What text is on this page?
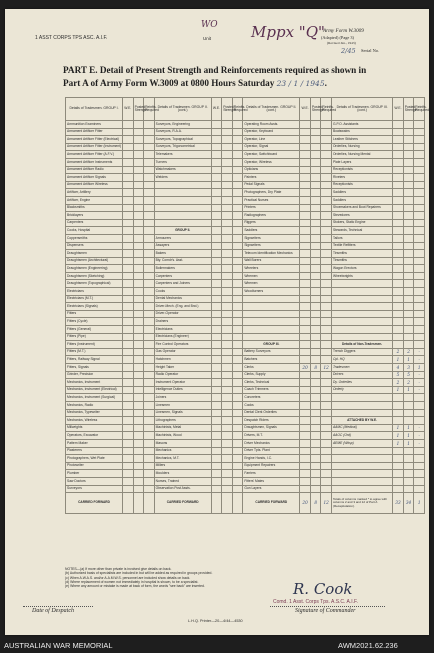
1 ASST CORPS TPS ASC. A.I.F.	Unit
WO Mppx "Q"
Army Form W.3009
(Adapted) (Page 3)
(Revised Jan., 1943)
2/45 Serial No.
PART E. Detail of Present Strength and Reinforcements required as shown in
Part A of Army Form W.3009 at 0800 Hours Saturday 23 / 1 / 1945.
Details of Tradesmen. GROUP I.	W.E.	Posted Strength	Reinfts. Required	Details of Tradesmen. GROUP II. (cont.)	W.E.	Posted Strength	Reinfts. Required	Details of Tradesmen. GROUP II. (cont.)	W.E.	Posted Strength	Reinfts. Required	Details of Tradesmen. GROUP III. (cont.)	W.E.	Posted Strength	Reinfts. Required
Ammunition Examiners				Surveyors, Engineering				Operating Room Assts.				G.P.O. Assistants			
Armament Artificer Fitter				Surveyors, R.A.A.				Operator, Keyboard				Boatswains			
Armament Artificer Fitter (Electrical)				Surveyors, Topographical				Operator, Line				Leather Stitchers			
Armament Artificer Fitter (Instrument)				Surveyors, Trigonometrical				Operator, Signal				Orderlies, Nursing			
Armament Artificer Fitter (A.F.V.)				Telemakers				Operator, Switchboard				Orderlies, Nursing Mental			
Armament Artificer Instruments				Turners				Operator, Wireless				Plate Layers			
Armament Artificer Radio				Watchmakers				Opticians				Receptionists			
Armament Artificer Signals				Welders				Painters				Riveters			
Armament Artificer Wireless								Pedal Signals				Receptionists			
Artificer, Artillery								Photographers, Dry Plate				Saddlers			
Artificer, Engine								Practical Nurses				Saddlers			
Blacksmiths								Printers				Shoemakers and Boot Repairers			
Bricklayers								Radiographers				Stevedores			
Carpenters								Riggers				Stokers, Static Engine			
Cooks, Hospital				GROUP II.				Saddlers				Stewards, Technical			
Coppersmiths				Armourers				Signwriters				Tailors			
Dispensers				Assayers				Signwriters				Textile Refitters			
Draughtsmen				Bakers				Telecom Identification Mechanics				Tinsmiths			
Draughtsmen (Architectural)				Bty. Comdr's. Asst.				Wall Borers				Tinsmiths			
Draughtsmen (Engineering)				Boilermakers				Wheelers				Wagon Erectors			
Draughtsmen (Sketching)				Carpenters				Wiremen				Wheelwrights			
Draughtsmen (Topographical)				Carpenters and Joiners				Wiremen							
Electricians				Cooks				Woodturners							
Electricians (M.T.)				Dental Mechanics											
Electricians (Signals)				Driver-Mech. (Eng. and Bnd.)											
Fitters				Driver-Operator											
Fitters (Cycle)				Drainers											
Fitters (General)				Electricians											
Fitters (Pipe)				Electricians (Engineer)											
Fitters (Instrument)				Fire Control Operators				GROUP III.				Details of Non-Tradesmen.			
Fitters (M.T.)				Gas Operator				Battery Surveyors				Trench Diggers	2	2	-
Fitters, Railway Signal				Hatchmen				Batchers				Cpl. HQ	1	1	-
Fitters, Signals				Height Taker				Clerks	20	8	12	Tradesmen	4	3	1
Grinder, Precision				Radio Operator				Clerks, Supply				Drivers	5	5	-
Mechanics, Instrument				Instrument Operator				Clerks, Technical				Dy. Orderlies	2	2	-
Mechanics, Instrument (Electrical)				Intelligence Duties				Coach Trimmers				Orderly	1	1	-
Mechanics, Instrument (Surgical)				Joiners				Concreters							
Mechanics, Radio				Linesmen				Cooks							
Mechanics, Typewriter				Linesmen, Signals				Dental Clerk Orderlies							
Mechanics, Wireless				Lithographers				Despatch Riders				ATTACHED BY W.E.			
Millwrights				Machinists, Metal				Draughtsmen, Signals				AAMC (Medical)	1	1	-
Operators, Excavator				Machinists, Wood				Drivers, M.T.				AAOC (Ord)	1	1	-
Pattern Maker				Masons				Driver Mechanics				AEME (Wksp)	1	1	-
Plasterers				Mechanics				Driver Tpts. Plant							
Photographers, Wet Plate				Mechanics, M.T.				Engine Hands, I.C.							
Photowriter				Millers				Equipment Repairers							
Plumber				Moulders				Farriers							
Saw Doctors				Nurses, Trained				Fitters' Mates							
Surveyors				Observation Post Assts.				Gun Layers							
CARRIED FORWARD				CARRIED FORWARD				CARRIED FORWARD	20	8	12	Totals of columns marked * to agree with columns 2 and 3 and 12 of Part A (Recapitulation).	33	34	1
NOTES—(a) If more other than private is involved give details on back.
(b) Authorized basis of specialists are included in but will be added as required in groups provided.
(c) When A.W.A.S. and/or A.A.M.W.S. personnel are included show details on back.
(d) Where replacement of women not immediately in hospital is shown, to be a specialist.
(e) Where any amount or mistake is made at back of form, the words "see back" are inserted.	R. Cook
Comd. 1 Asst. Corps Tps. A.S.C. A.I.F.
Signature of Commander
Date of Despatch
L.H.Q. Printer—20—4/44—4530
AUSTRALIAN WAR MEMORIAL	AWM2021.62.236
